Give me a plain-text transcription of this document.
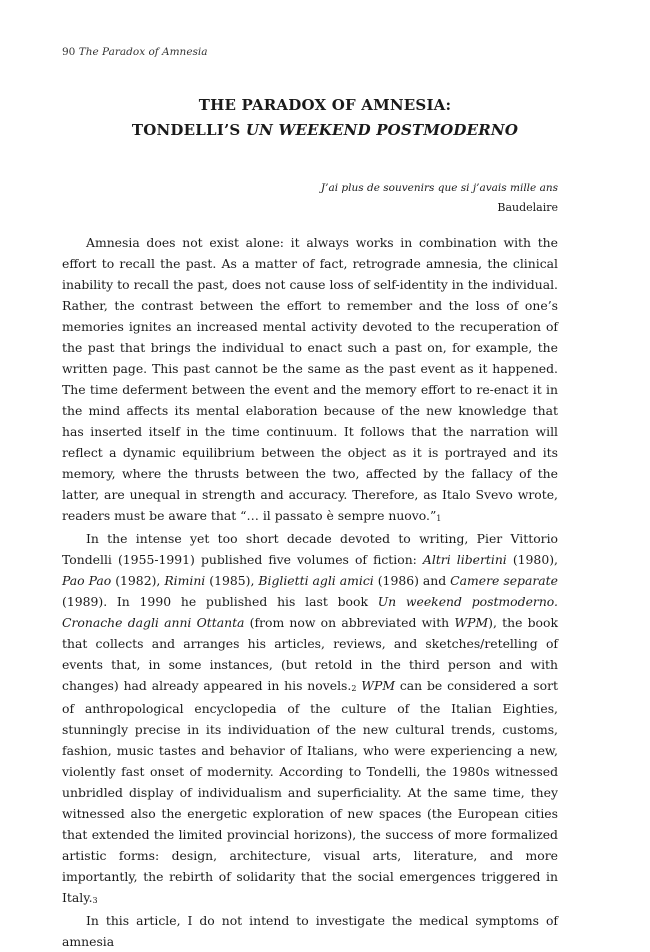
90 The Paradox of Amnesia
THE PARADOX OF AMNESIA:
TONDELLI’S UN WEEKEND POSTMODERNO
J’ai plus de souvenirs que si j’avais mille ans
Baudelaire

Amnesia does not exist alone: it always works in combination with the effort to recall the past. As a matter of fact, retrograde amnesia, the clinical inability to recall the past, does not cause loss of self-identity in the individual. Rather, the contrast between the effort to remember and the loss of one’s memories ignites an increased mental activity devoted to the recuperation of the past that brings the individual to enact such a past on, for example, the written page. This past cannot be the same as the past event as it happened. The time deferment between the event and the memory effort to re-enact it in the mind affects its mental elaboration because of the new knowledge that has inserted itself in the time continuum. It follows that the narration will reflect a dynamic equilibrium between the object as it is portrayed and its memory, where the thrusts between the two, affected by the fallacy of the latter, are unequal in strength and accuracy. Therefore, as Italo Svevo wrote, readers must be aware that “… il passato è sempre nuovo.”$^1$

In the intense yet too short decade devoted to writing, Pier Vittorio Tondelli (1955-1991) published five volumes of fiction: Altri libertini (1980), Pao Pao (1982), Rimini (1985), Biglietti agli amici (1986) and Camere separate (1989). In 1990 he published his last book Un weekend postmoderno. Cronache dagli anni Ottanta (from now on abbreviated with WPM), the book that collects and arranges his articles, reviews, and sketches/retelling of events that, in some instances, (but retold in the third person and with changes) had already appeared in his novels.$^2$ WPM can be considered a sort of anthropological encyclopedia of the culture of the Italian Eighties, stunningly precise in its individuation of the new cultural trends, customs, fashion, music tastes and behavior of Italians, who were experiencing a new, violently fast onset of modernity. According to Tondelli, the 1980s witnessed unbridled display of individualism and superficiality. At the same time, they witnessed also the energetic exploration of new spaces (the European cities that extended the limited provincial horizons), the success of more formalized artistic forms: design, architecture, visual arts, literature, and more importantly, the rebirth of solidarity that the social emergences triggered in Italy.$^3$

In this article, I do not intend to investigate the medical symptoms of amnesia
